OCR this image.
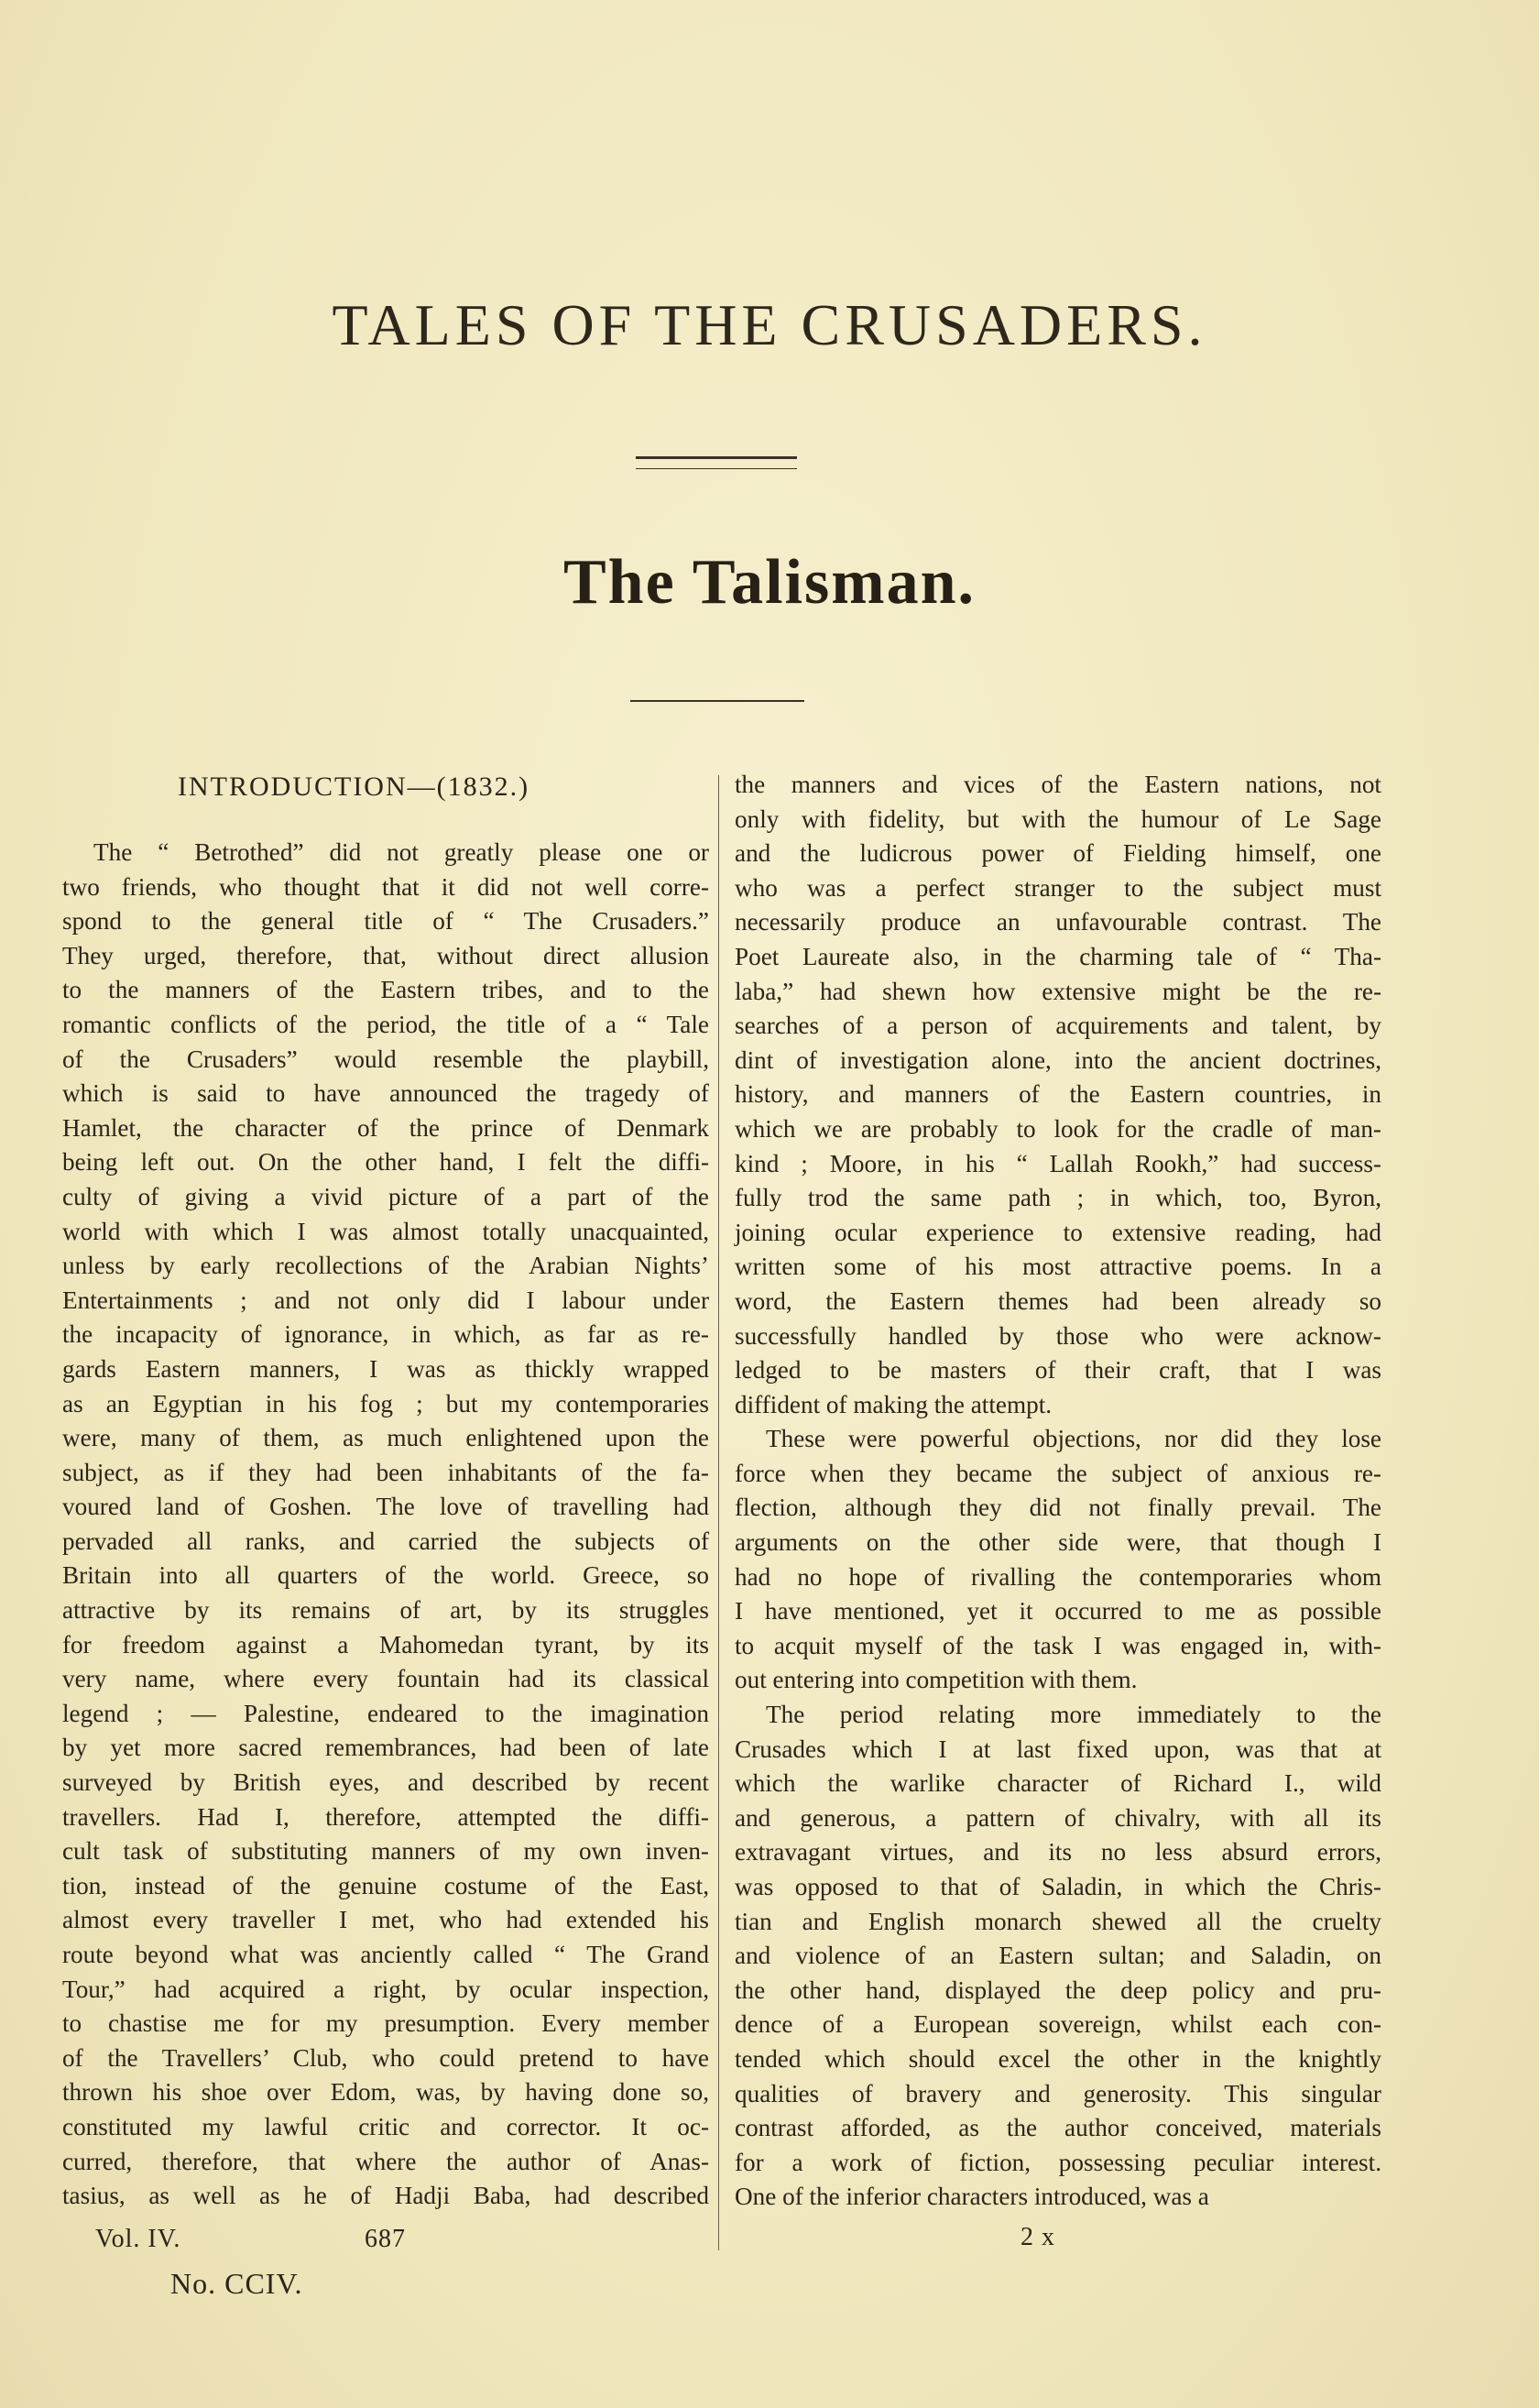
TALES OF THE CRUSADERS.
The Talisman.
INTRODUCTION—(1832.)
The “ Betrothed” did not greatly please one or
two friends, who thought that it did not well corre-
spond to the general title of “ The Crusaders.”
They urged, therefore, that, without direct allusion
to the manners of the Eastern tribes, and to the
romantic conflicts of the period, the title of a “ Tale
of the Crusaders” would resemble the playbill,
which is said to have announced the tragedy of
Hamlet, the character of the prince of Denmark
being left out. On the other hand, I felt the diffi-
culty of giving a vivid picture of a part of the
world with which I was almost totally unacquainted,
unless by early recollections of the Arabian Nights’
Entertainments ; and not only did I labour under
the incapacity of ignorance, in which, as far as re-
gards Eastern manners, I was as thickly wrapped
as an Egyptian in his fog ; but my contemporaries
were, many of them, as much enlightened upon the
subject, as if they had been inhabitants of the fa-
voured land of Goshen. The love of travelling had
pervaded all ranks, and carried the subjects of
Britain into all quarters of the world. Greece, so
attractive by its remains of art, by its struggles
for freedom against a Mahomedan tyrant, by its
very name, where every fountain had its classical
legend ; — Palestine, endeared to the imagination
by yet more sacred remembrances, had been of late
surveyed by British eyes, and described by recent
travellers. Had I, therefore, attempted the diffi-
cult task of substituting manners of my own inven-
tion, instead of the genuine costume of the East,
almost every traveller I met, who had extended his
route beyond what was anciently called “ The Grand
Tour,” had acquired a right, by ocular inspection,
to chastise me for my presumption. Every member
of the Travellers’ Club, who could pretend to have
thrown his shoe over Edom, was, by having done so,
constituted my lawful critic and corrector. It oc-
curred, therefore, that where the author of Anas-
tasius, as well as he of Hadji Baba, had described
the manners and vices of the Eastern nations, not
only with fidelity, but with the humour of Le Sage
and the ludicrous power of Fielding himself, one
who was a perfect stranger to the subject must
necessarily produce an unfavourable contrast. The
Poet Laureate also, in the charming tale of “ Tha-
laba,” had shewn how extensive might be the re-
searches of a person of acquirements and talent, by
dint of investigation alone, into the ancient doctrines,
history, and manners of the Eastern countries, in
which we are probably to look for the cradle of man-
kind ; Moore, in his “ Lallah Rookh,” had success-
fully trod the same path ; in which, too, Byron,
joining ocular experience to extensive reading, had
written some of his most attractive poems. In a
word, the Eastern themes had been already so
successfully handled by those who were acknow-
ledged to be masters of their craft, that I was
diffident of making the attempt.
These were powerful objections, nor did they lose
force when they became the subject of anxious re-
flection, although they did not finally prevail. The
arguments on the other side were, that though I
had no hope of rivalling the contemporaries whom
I have mentioned, yet it occurred to me as possible
to acquit myself of the task I was engaged in, with-
out entering into competition with them.
The period relating more immediately to the
Crusades which I at last fixed upon, was that at
which the warlike character of Richard I., wild
and generous, a pattern of chivalry, with all its
extravagant virtues, and its no less absurd errors,
was opposed to that of Saladin, in which the Chris-
tian and English monarch shewed all the cruelty
and violence of an Eastern sultan; and Saladin, on
the other hand, displayed the deep policy and pru-
dence of a European sovereign, whilst each con-
tended which should excel the other in the knightly
qualities of bravery and generosity. This singular
contrast afforded, as the author conceived, materials
for a work of fiction, possessing peculiar interest.
One of the inferior characters introduced, was a
Vol. IV.	687	2 x
No. CCIV.
